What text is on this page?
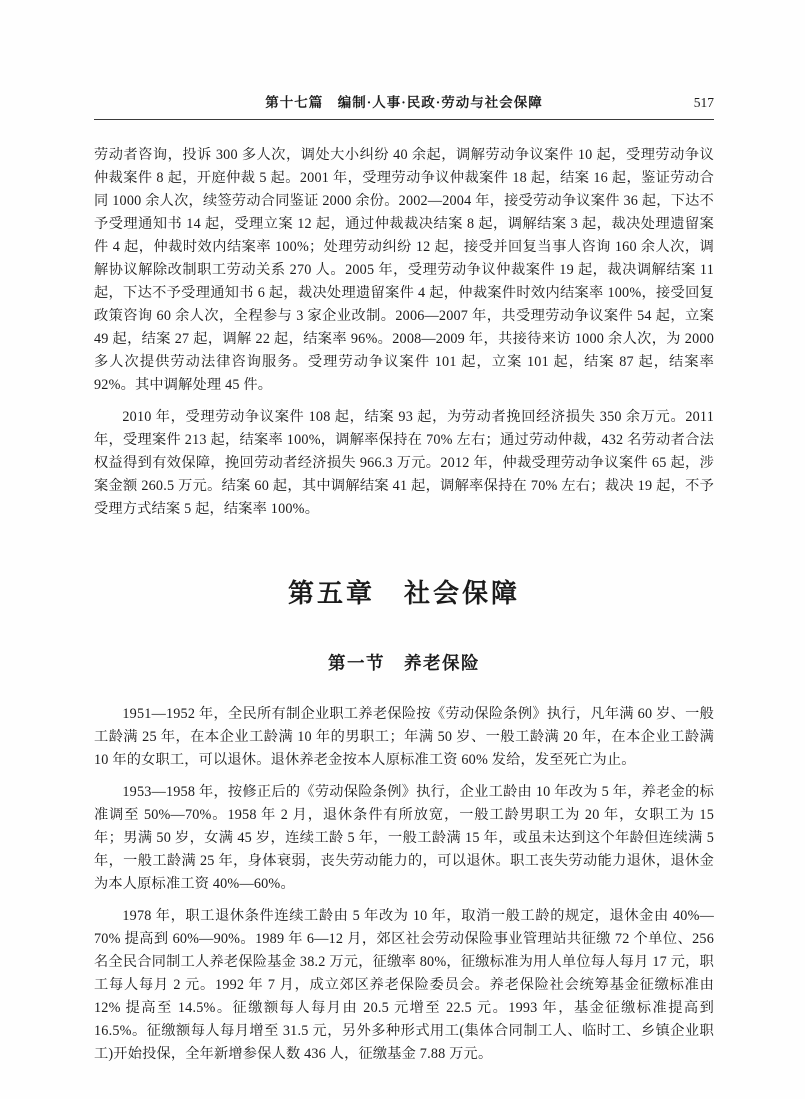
第十七篇　编制·人事·民政·劳动与社会保障	517

劳动者咨询，投诉 300 多人次，调处大小纠纷 40 余起，调解劳动争议案件 10 起，受理劳动争议仲裁案件 8 起，开庭仲裁 5 起。2001 年，受理劳动争议仲裁案件 18 起，结案 16 起，鉴证劳动合同 1000 余人次，续签劳动合同鉴证 2000 余份。2002—2004 年，接受劳动争议案件 36 起，下达不予受理通知书 14 起，受理立案 12 起，通过仲裁裁决结案 8 起，调解结案 3 起，裁决处理遗留案件 4 起，仲裁时效内结案率 100%；处理劳动纠纷 12 起，接受并回复当事人咨询 160 余人次，调解协议解除改制职工劳动关系 270 人。2005 年，受理劳动争议仲裁案件 19 起，裁决调解结案 11 起，下达不予受理通知书 6 起，裁决处理遗留案件 4 起，仲裁案件时效内结案率 100%，接受回复政策咨询 60 余人次，全程参与 3 家企业改制。2006—2007 年，共受理劳动争议案件 54 起，立案 49 起，结案 27 起，调解 22 起，结案率 96%。2008—2009 年，共接待来访 1000 余人次，为 2000 多人次提供劳动法律咨询服务。受理劳动争议案件 101 起，立案 101 起，结案 87 起，结案率 92%。其中调解处理 45 件。

2010 年，受理劳动争议案件 108 起，结案 93 起，为劳动者挽回经济损失 350 余万元。2011 年，受理案件 213 起，结案率 100%，调解率保持在 70% 左右；通过劳动仲裁，432 名劳动者合法权益得到有效保障，挽回劳动者经济损失 966.3 万元。2012 年，仲裁受理劳动争议案件 65 起，涉案金额 260.5 万元。结案 60 起，其中调解结案 41 起，调解率保持在 70% 左右；裁决 19 起，不予受理方式结案 5 起，结案率 100%。

第五章　社会保障
第一节　养老保险

1951—1952 年，全民所有制企业职工养老保险按《劳动保险条例》执行，凡年满 60 岁、一般工龄满 25 年，在本企业工龄满 10 年的男职工；年满 50 岁、一般工龄满 20 年，在本企业工龄满 10 年的女职工，可以退休。退休养老金按本人原标准工资 60% 发给，发至死亡为止。

1953—1958 年，按修正后的《劳动保险条例》执行，企业工龄由 10 年改为 5 年，养老金的标准调至 50%—70%。1958 年 2 月，退休条件有所放宽，一般工龄男职工为 20 年，女职工为 15 年；男满 50 岁，女满 45 岁，连续工龄 5 年，一般工龄满 15 年，或虽未达到这个年龄但连续满 5 年，一般工龄满 25 年，身体衰弱，丧失劳动能力的，可以退休。职工丧失劳动能力退休，退休金为本人原标准工资 40%—60%。

1978 年，职工退休条件连续工龄由 5 年改为 10 年，取消一般工龄的规定，退休金由 40%—70% 提高到 60%—90%。1989 年 6—12 月，郊区社会劳动保险事业管理站共征缴 72 个单位、256 名全民合同制工人养老保险基金 38.2 万元，征缴率 80%，征缴标准为用人单位每人每月 17 元，职工每人每月 2 元。1992 年 7 月，成立郊区养老保险委员会。养老保险社会统筹基金征缴标准由 12% 提高至 14.5%。征缴额每人每月由 20.5 元增至 22.5 元。1993 年，基金征缴标准提高到 16.5%。征缴额每人每月增至 31.5 元，另外多种形式用工(集体合同制工人、临时工、乡镇企业职工)开始投保，全年新增参保人数 436 人，征缴基金 7.88 万元。
